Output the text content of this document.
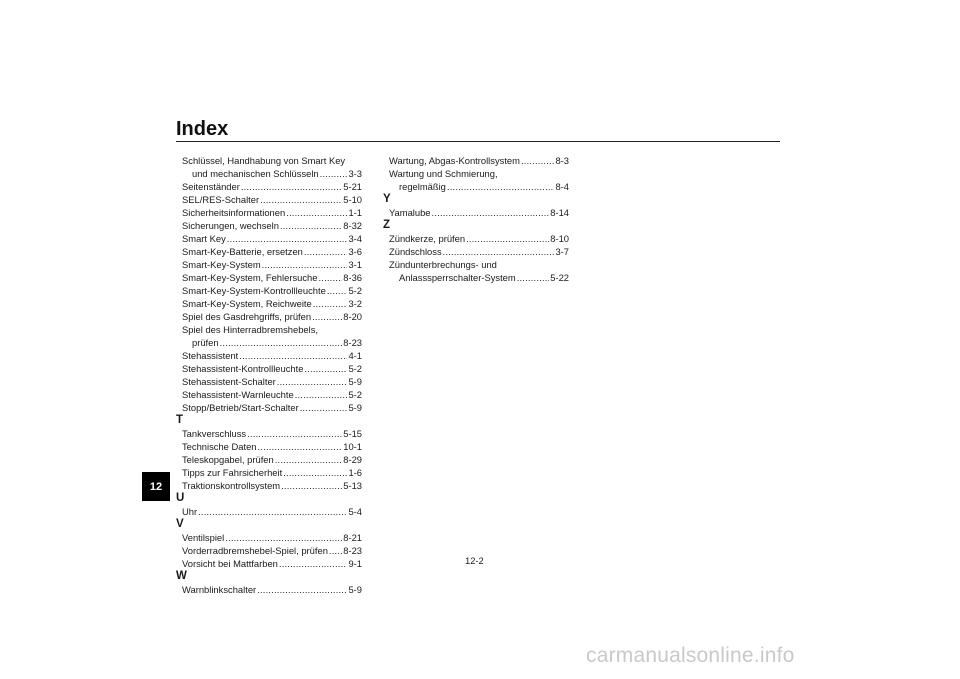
Index
12
Schlüssel, Handhabung von Smart Key
und mechanischen Schlüsseln .....	3-3
Seitenständer .....	5-21
SEL/RES-Schalter .....	5-10
Sicherheitsinformationen .....	1-1
Sicherungen, wechseln .....	8-32
Smart Key .....	3-4
Smart-Key-Batterie, ersetzen .....	3-6
Smart-Key-System .....	3-1
Smart-Key-System, Fehlersuche .....	8-36
Smart-Key-System-Kontrollleuchte ..... 5-2
Smart-Key-System, Reichweite .....	3-2
Spiel des Gasdrehgriffs, prüfen .....	8-20
Spiel des Hinterradbremshebels,
prüfen .....	8-23
Stehassistent .....	4-1
Stehassistent-Kontrollleuchte .....	5-2
Stehassistent-Schalter .....	5-9
Stehassistent-Warnleuchte .....	5-2
Stopp/Betrieb/Start-Schalter .....	5-9
T
Tankverschluss .....	5-15
Technische Daten .....	10-1
Teleskopgabel, prüfen .....	8-29
Tipps zur Fahrsicherheit .....	1-6
Traktionskontrollsystem .....	5-13
U
Uhr .....	5-4
V
Ventilspiel .....	8-21
Vorderradbremshebel-Spiel, prüfen ..... 8-23
Vorsicht bei Mattfarben .....	9-1
W
Warnblinkschalter .....	5-9
Wartung, Abgas-Kontrollsystem .....	8-3
Wartung und Schmierung,
regelmäßig .....	8-4
Y
Yamalube .....	8-14
Z
Zündkerze, prüfen .....	8-10
Zündschloss .....	3-7
Zündunterbrechungs- und
Anlasssperrschalter-System .....	5-22
12-2
carmanualsonline.info
